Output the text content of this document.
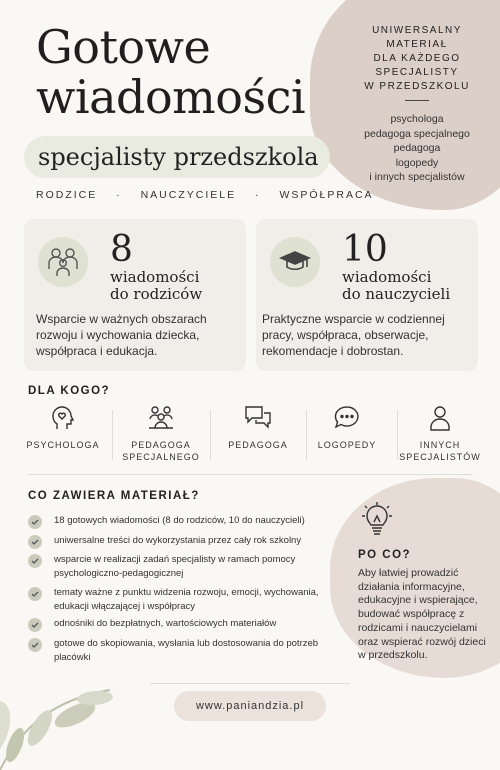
Gotowe
wiadomości
specjalisty przedszkola
RODZICE · NAUCZYCIELE · WSPÓŁPRACA
UNIWERSALNY
MATERIAŁ
DLA KAŻDEGO
SPECJALISTY
W PRZEDSZKOLU
psychologa
pedagoga specjalnego
pedagoga
logopedy
i innych specjalistów
8
wiadomości
do rodziców
Wsparcie w ważnych obszarach rozwoju i wychowania dziecka, współpraca i edukacja.
10
wiadomości
do nauczycieli
Praktyczne wsparcie w codziennej pracy, współpraca, obserwacje, rekomendacje i dobrostan.
DLA KOGO?
PSYCHOLOGA	PEDAGOGA
SPECJALNEGO
PEDAGOGA	LOGOPEDY	INNYCH
SPECJALISTÓW
CO ZAWIERA MATERIAŁ?
18 gotowych wiadomości (8 do rodziców, 10 do nauczycieli)
uniwersalne treści do wykorzystania przez cały rok szkolny
wsparcie w realizacji zadań specjalisty w ramach pomocy psychologiczno-pedagogicznej
tematy ważne z punktu widzenia rozwoju, emocji, wychowania, edukacji włączającej i współpracy
odnośniki do bezpłatnych, wartościowych materiałów
gotowe do skopiowania, wysłania lub dostosowania do potrzeb placówki
PO CO?
Aby łatwiej prowadzić działania informacyjne, edukacyjne i wspierające, budować współpracę z rodzicami i nauczycielami oraz wspierać rozwój dzieci w przedszkolu.
www.paniandzia.pl
